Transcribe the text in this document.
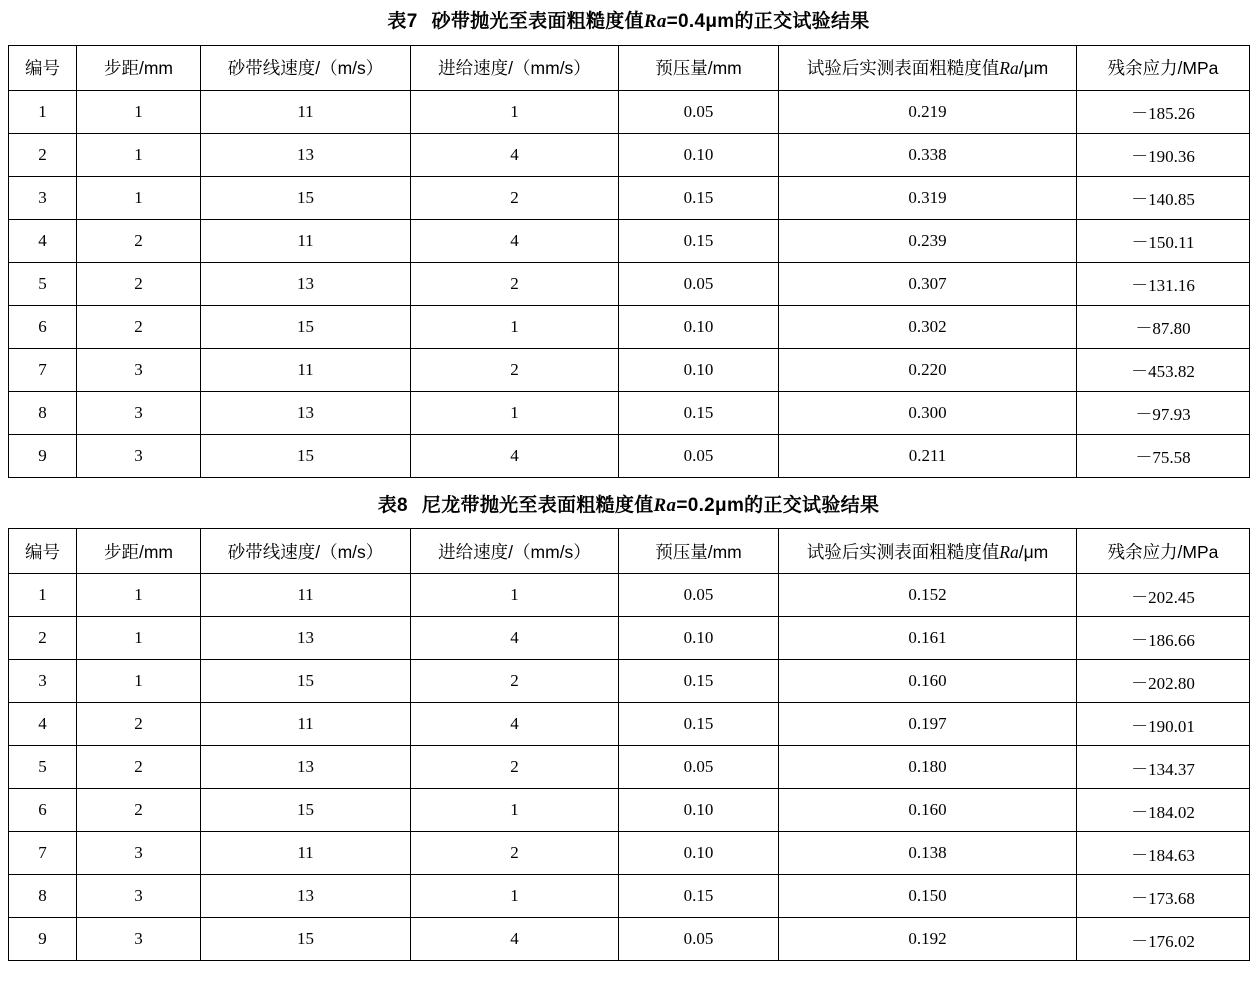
表7 砂带抛光至表面粗糙度值Ra=0.4μm的正交试验结果
编号	步距/mm	砂带线速度/（m/s）	进给速度/（mm/s）	预压量/mm	试验后实测表面粗糙度值Ra/μm	残余应力/MPa
1	1	11	1	0.05	0.219	－185.26
2	1	13	4	0.10	0.338	－190.36
3	1	15	2	0.15	0.319	－140.85
4	2	11	4	0.15	0.239	－150.11
5	2	13	2	0.05	0.307	－131.16
6	2	15	1	0.10	0.302	－87.80
7	3	11	2	0.10	0.220	－453.82
8	3	13	1	0.15	0.300	－97.93
9	3	15	4	0.05	0.211	－75.58
表8 尼龙带抛光至表面粗糙度值Ra=0.2μm的正交试验结果
编号	步距/mm	砂带线速度/（m/s）	进给速度/（mm/s）	预压量/mm	试验后实测表面粗糙度值Ra/μm	残余应力/MPa
1	1	11	1	0.05	0.152	－202.45
2	1	13	4	0.10	0.161	－186.66
3	1	15	2	0.15	0.160	－202.80
4	2	11	4	0.15	0.197	－190.01
5	2	13	2	0.05	0.180	－134.37
6	2	15	1	0.10	0.160	－184.02
7	3	11	2	0.10	0.138	－184.63
8	3	13	1	0.15	0.150	－173.68
9	3	15	4	0.05	0.192	－176.02
